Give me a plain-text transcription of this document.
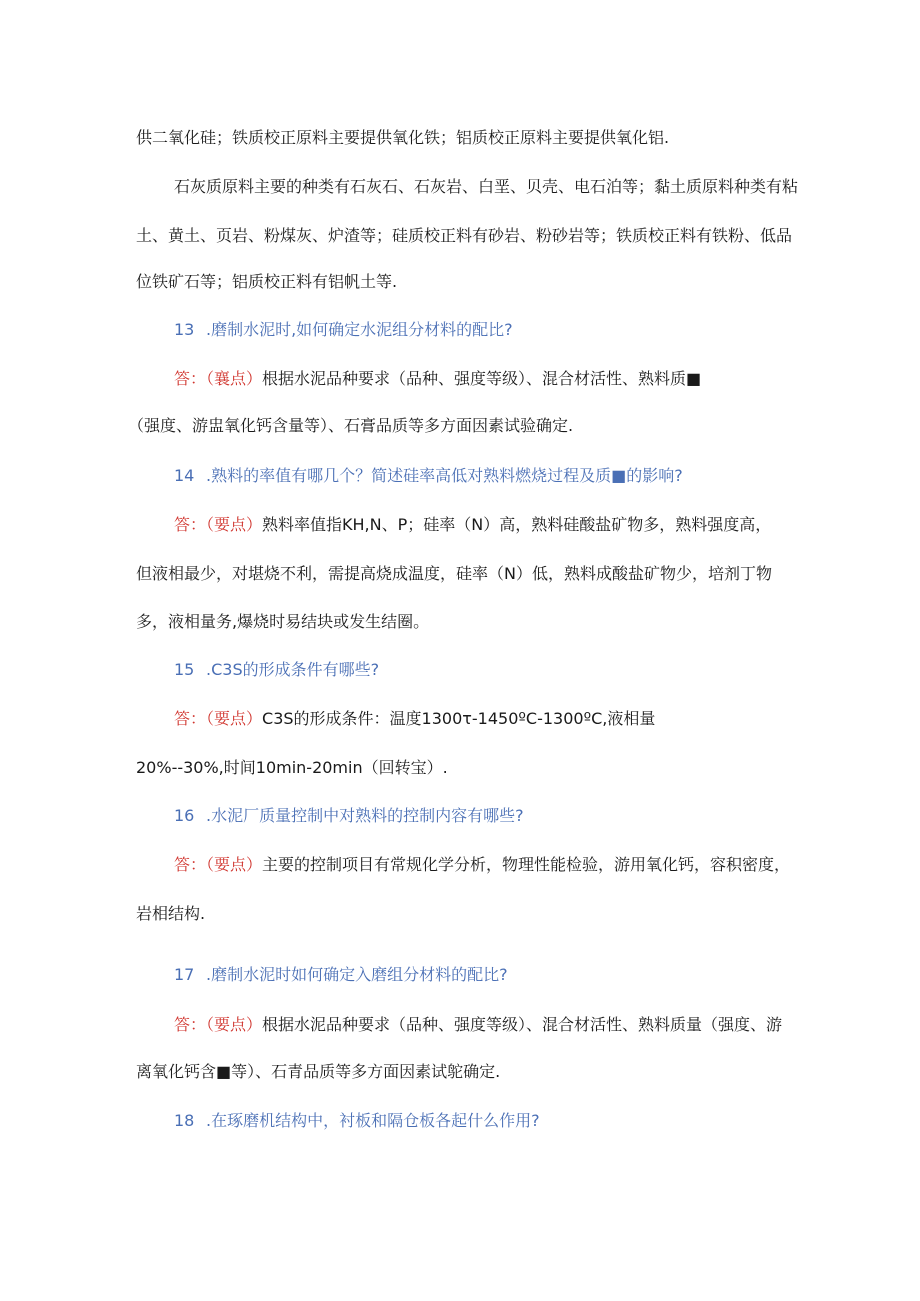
供二氧化硅；铁质校正原料主要提供氧化铁；铝质校正原料主要提供氧化铝.
石灰质原料主要的种类有石灰石、石灰岩、白垩、贝壳、电石泊等；黏土质原料种类有粘
土、黄土、页岩、粉煤灰、炉渣等；硅质校正料有砂岩、粉砂岩等；铁质校正料有铁粉、低品
位铁矿石等；铝质校正料有铝帆土等.
13 .磨制水泥时,如何确定水泥组分材料的配比?
答：（襄点）根据水泥品种要求（品种、强度等级）、混合材活性、熟料质■
（强度、游盅氧化钙含量等）、石膏品质等多方面因素试验确定.
14 .熟料的率值有哪几个？简述硅率高低对熟料燃烧过程及质■的影响?
答：（要点）熟料率值指KH,N、P；硅率（N）高，熟料硅酸盐矿物多，熟料强度高，
但液相最少，对堪烧不利，需提高烧成温度，硅率（N）低，熟料成酸盐矿物少，培剂丁物
多，液相量务,爆烧时易结块或发生结圈。
15 .C3S的形成条件有哪些?
答：（要点）C3S的形成条件：温度1300τ-1450ºC-1300ºC,液相量
20%--30%,时间10min-20min（回转宝）.
16 .水泥厂质量控制中对熟料的控制内容有哪些?
答：（要点）主要的控制项目有常规化学分析，物理性能检验，游用氧化钙，容积密度，
岩相结构.
17 .磨制水泥时如何确定入磨组分材料的配比?
答：（要点）根据水泥品种要求（品种、强度等级）、混合材活性、熟料质量（强度、游
离氧化钙含■等）、石青品质等多方面因素试鸵确定.
18 .在琢磨机结构中，衬板和隔仓板各起什么作用?
